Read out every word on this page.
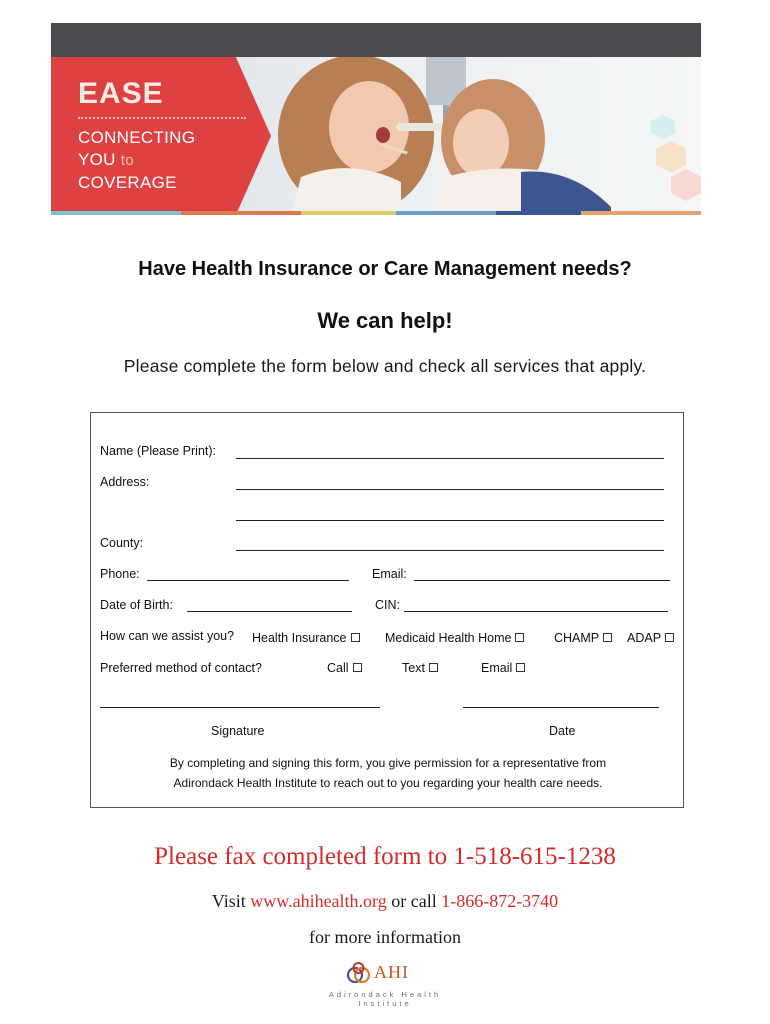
EASE
CONNECTING
YOU to
COVERAGE
Have Health Insurance or Care Management needs?
We can help!
Please complete the form below and check all services that apply.
Name (Please Print):
Address:
County:
Phone:	Email:
Date of Birth:	CIN:
How can we assist you? Health Insurance	Medicaid Health Home	CHAMP	ADAP
Preferred method of contact?	Call	Text	Email
Signature	Date
By completing and signing this form, you give permission for a representative from
Adirondack Health Institute to reach out to you regarding your health care needs.
Please fax completed form to 1-518-615-1238
Visit www.ahihealth.org or call 1-866-872-3740
for more information
AHI
Adirondack Health Institute
